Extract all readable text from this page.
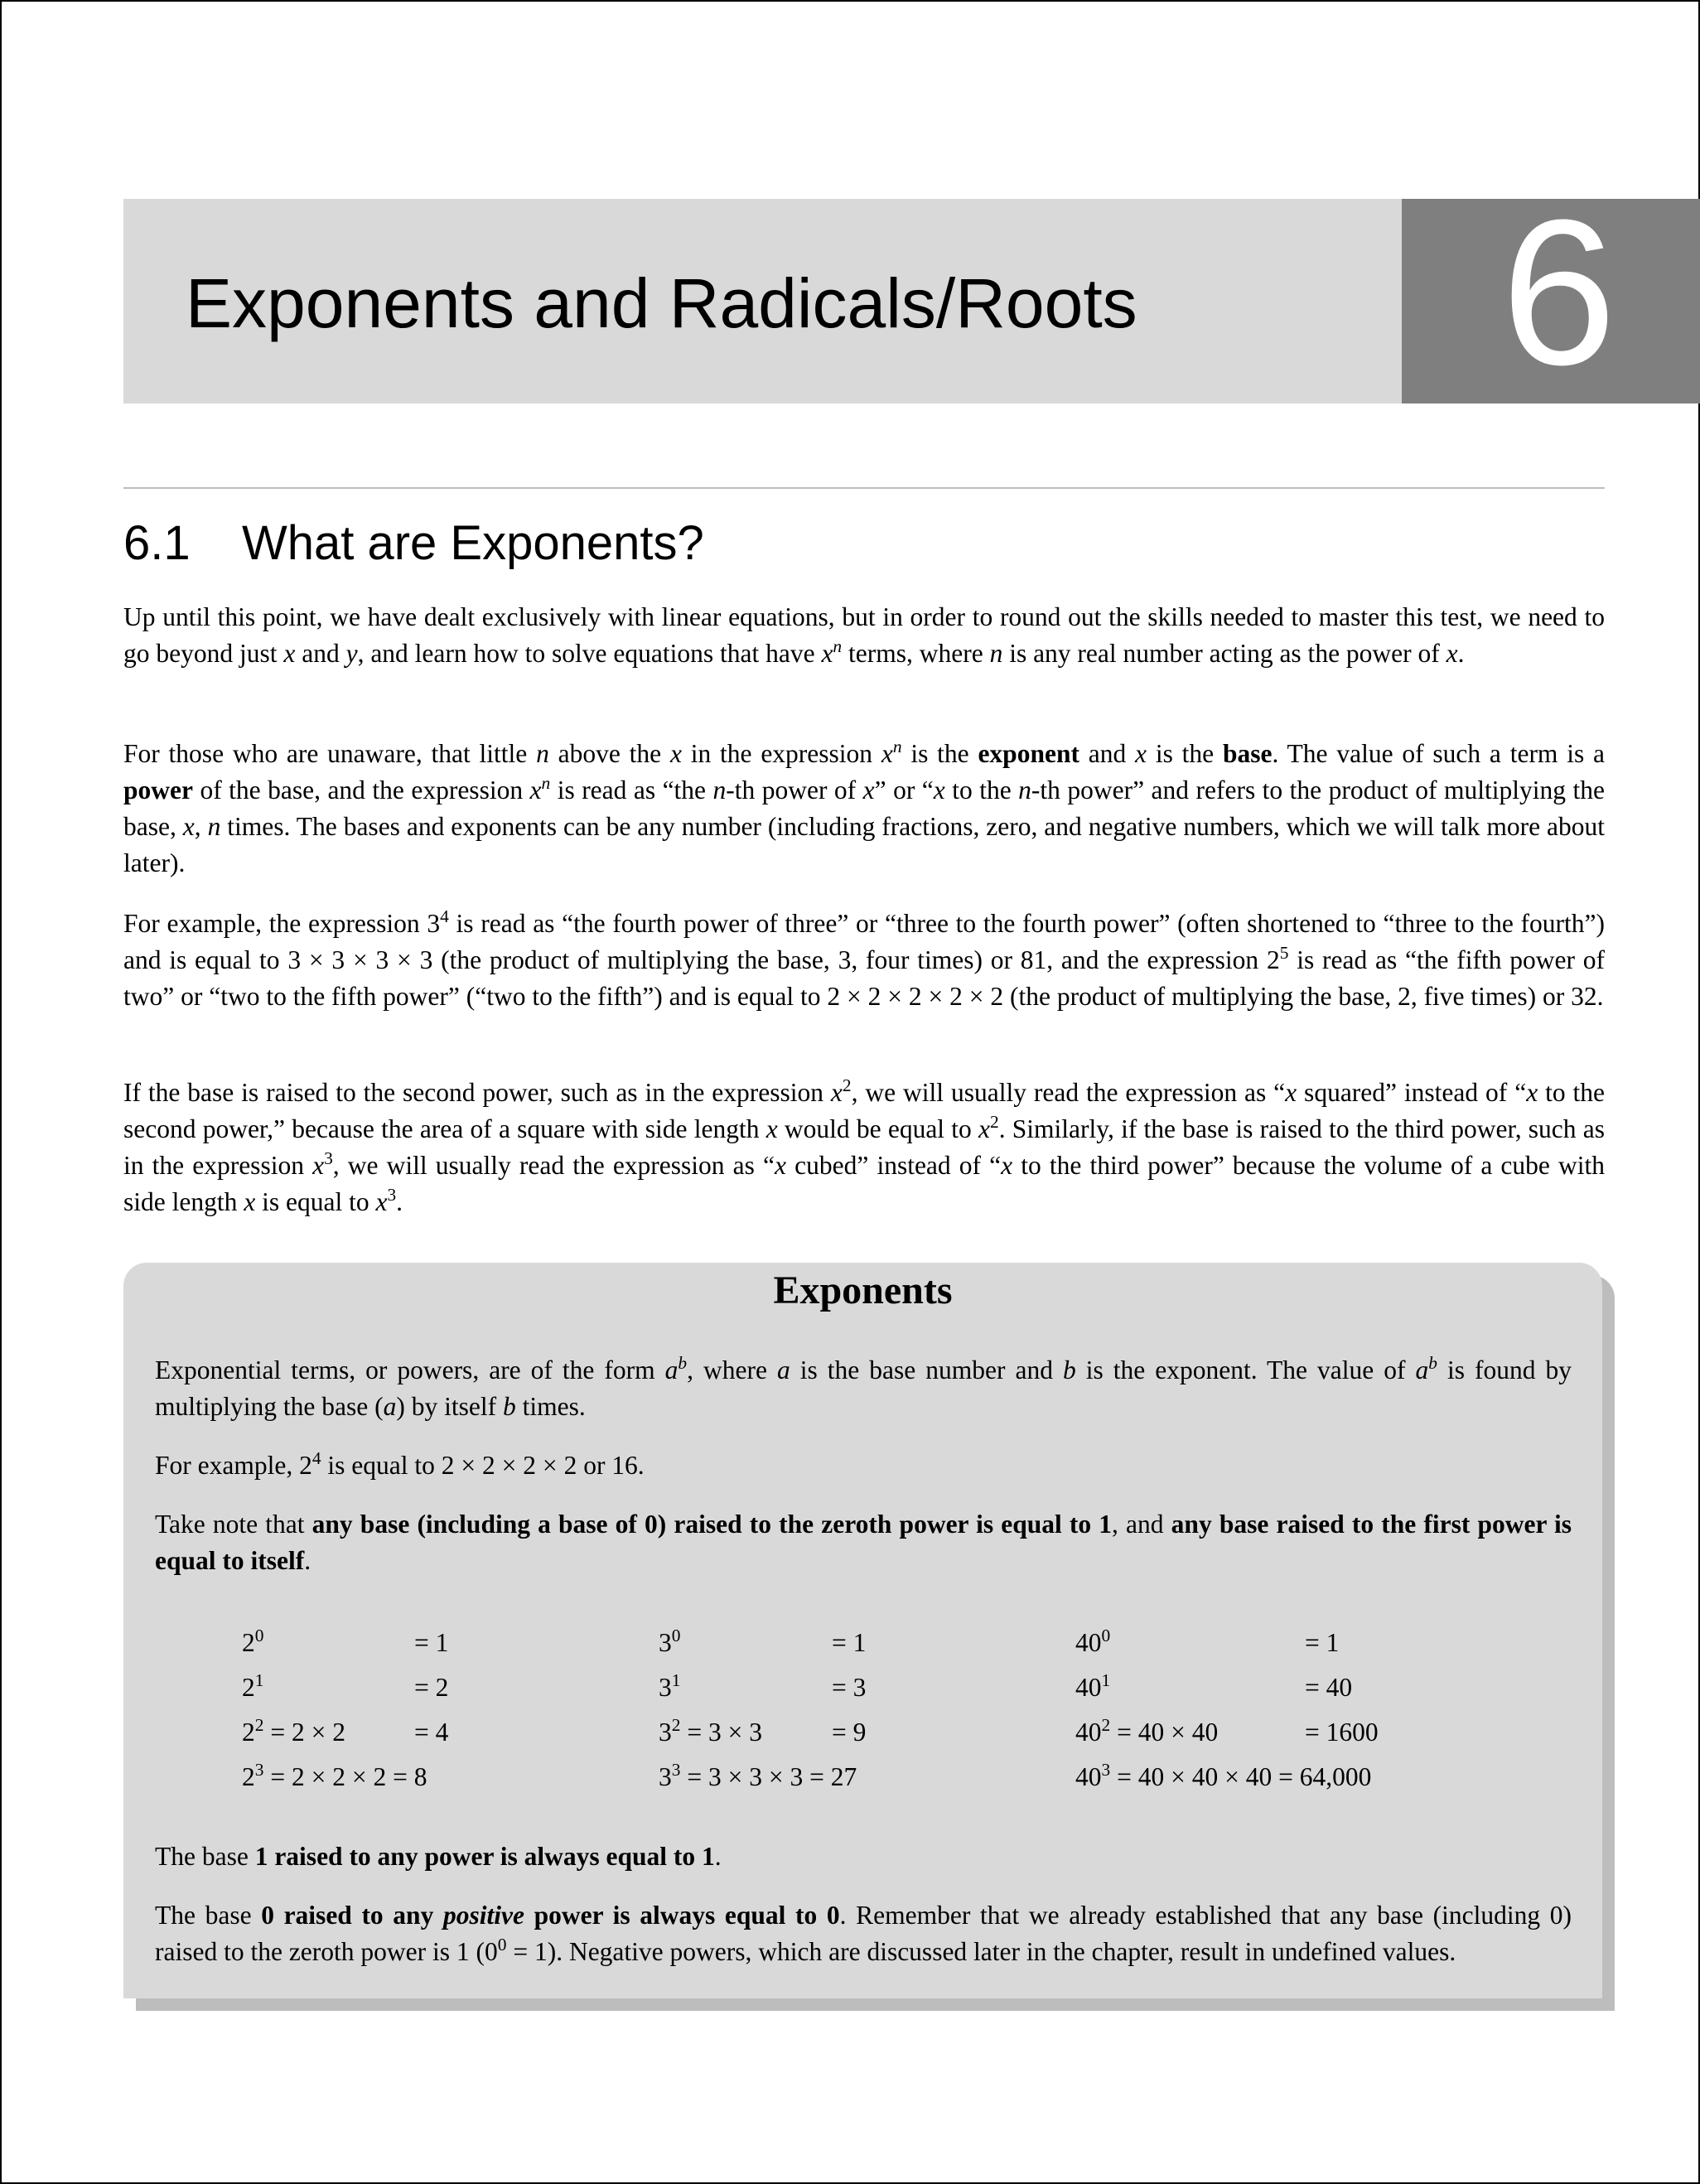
Exponents and Radicals/Roots 6
6.1 What are Exponents?

Up until this point, we have dealt exclusively with linear equations, but in order to round out the skills needed to master this test, we need to go beyond just x and y, and learn how to solve equations that have $x^n$ terms, where n is any real number acting as the power of x.

For those who are unaware, that little n above the x in the expression $x^n$ is the exponent and x is the base. The value of such a term is a power of the base, and the expression $x^n$ is read as “the n-th power of x” or “x to the n-th power” and refers to the product of multiplying the base, x, n times. The bases and exponents can be any number (including fractions, zero, and negative numbers, which we will talk more about later).

For example, the expression $3^4$ is read as “the fourth power of three” or “three to the fourth power” (often shortened to “three to the fourth”) and is equal to 3 × 3 × 3 × 3 (the product of multiplying the base, 3, four times) or 81, and the expression $2^5$ is read as “the fifth power of two” or “two to the fifth power” (“two to the fifth”) and is equal to 2 × 2 × 2 × 2 × 2 (the product of multiplying the base, 2, five times) or 32.

If the base is raised to the second power, such as in the expression $x^2$, we will usually read the expression as “x squared” instead of “x to the second power,” because the area of a square with side length x would be equal to $x^2$. Similarly, if the base is raised to the third power, such as in the expression $x^3$, we will usually read the expression as “x cubed” instead of “x to the third power” because the volume of a cube with side length x is equal to $x^3$.

Exponents

Exponential terms, or powers, are of the form $a^b$, where a is the base number and b is the exponent. The value of $a^b$ is found by multiplying the base (a) by itself b times.

For example, $2^4$ is equal to 2 × 2 × 2 × 2 or 16.

Take note that any base (including a base of 0) raised to the zeroth power is equal to 1, and any base raised to the first power is equal to itself.

$2^0$	= 1
$2^1$	= 2
$2^2 = 2 \times 2$	= 4
$2^3 = 2 \times 2 \times 2 = 8$
$3^0$	= 1
$3^1$	= 3
$3^2 = 3 \times 3$	= 9
$3^3 = 3 \times 3 \times 3 = 27$
$40^0$	= 1
$40^1$	= 40
$40^2 = 40 \times 40$	= 1600
$40^3 = 40 \times 40 \times 40 = 64,000$

The base 1 raised to any power is always equal to 1.

The base 0 raised to any positive power is always equal to 0. Remember that we already established that any base (including 0) raised to the zeroth power is 1 $(0^0 = 1)$. Negative powers, which are discussed later in the chapter, result in undefined values.
